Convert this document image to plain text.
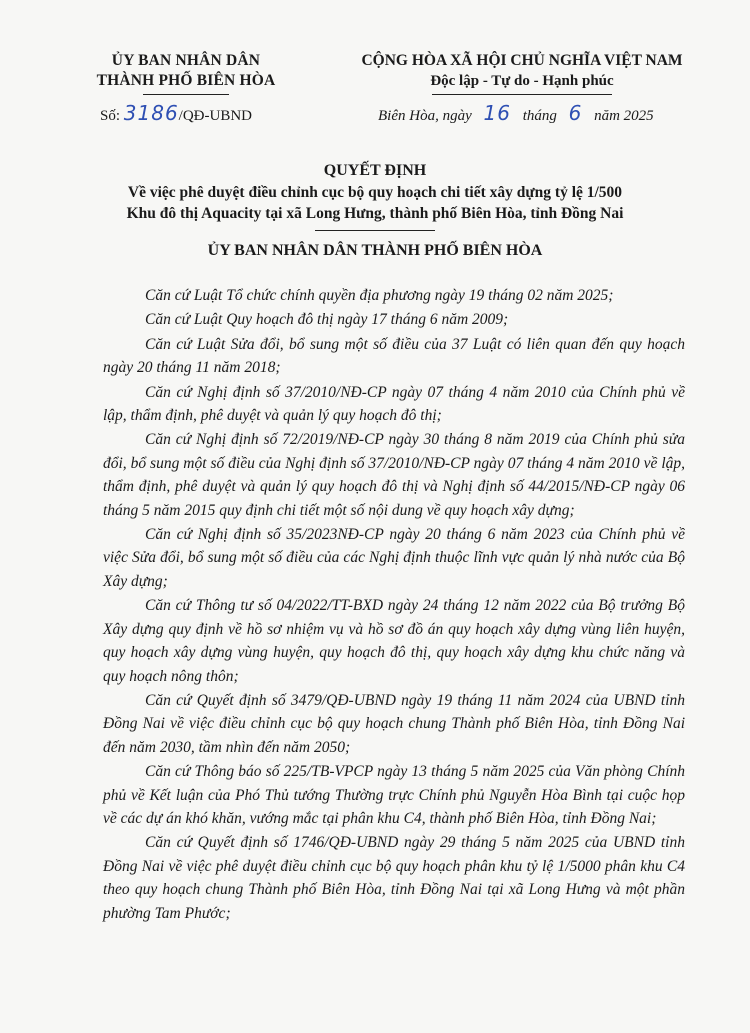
ỦY BAN NHÂN DÂN
THÀNH PHỐ BIÊN HÒA
CỘNG HÒA XÃ HỘI CHỦ NGHĨA VIỆT NAM
Độc lập - Tự do - Hạnh phúc
Số: 3186/QĐ-UBND	Biên Hòa, ngày 16 tháng 6 năm 2025
QUYẾT ĐỊNH
Về việc phê duyệt điều chỉnh cục bộ quy hoạch chi tiết xây dựng tỷ lệ 1/500
Khu đô thị Aquacity tại xã Long Hưng, thành phố Biên Hòa, tỉnh Đồng Nai
ỦY BAN NHÂN DÂN THÀNH PHỐ BIÊN HÒA

Căn cứ Luật Tổ chức chính quyền địa phương ngày 19 tháng 02 năm 2025;

Căn cứ Luật Quy hoạch đô thị ngày 17 tháng 6 năm 2009;

Căn cứ Luật Sửa đổi, bổ sung một số điều của 37 Luật có liên quan đến quy hoạch ngày 20 tháng 11 năm 2018;

Căn cứ Nghị định số 37/2010/NĐ-CP ngày 07 tháng 4 năm 2010 của Chính phủ về lập, thẩm định, phê duyệt và quản lý quy hoạch đô thị;

Căn cứ Nghị định số 72/2019/NĐ-CP ngày 30 tháng 8 năm 2019 của Chính phủ sửa đổi, bổ sung một số điều của Nghị định số 37/2010/NĐ-CP ngày 07 tháng 4 năm 2010 về lập, thẩm định, phê duyệt và quản lý quy hoạch đô thị và Nghị định số 44/2015/NĐ-CP ngày 06 tháng 5 năm 2015 quy định chi tiết một số nội dung về quy hoạch xây dựng;

Căn cứ Nghị định số 35/2023NĐ-CP ngày 20 tháng 6 năm 2023 của Chính phủ về việc Sửa đổi, bổ sung một số điều của các Nghị định thuộc lĩnh vực quản lý nhà nước của Bộ Xây dựng;

Căn cứ Thông tư số 04/2022/TT-BXD ngày 24 tháng 12 năm 2022 của Bộ trưởng Bộ Xây dựng quy định về hồ sơ nhiệm vụ và hồ sơ đồ án quy hoạch xây dựng vùng liên huyện, quy hoạch xây dựng vùng huyện, quy hoạch đô thị, quy hoạch xây dựng khu chức năng và quy hoạch nông thôn;

Căn cứ Quyết định số 3479/QĐ-UBND ngày 19 tháng 11 năm 2024 của UBND tỉnh Đồng Nai về việc điều chỉnh cục bộ quy hoạch chung Thành phố Biên Hòa, tỉnh Đồng Nai đến năm 2030, tầm nhìn đến năm 2050;

Căn cứ Thông báo số 225/TB-VPCP ngày 13 tháng 5 năm 2025 của Văn phòng Chính phủ về Kết luận của Phó Thủ tướng Thường trực Chính phủ Nguyễn Hòa Bình tại cuộc họp về các dự án khó khăn, vướng mắc tại phân khu C4, thành phố Biên Hòa, tỉnh Đồng Nai;

Căn cứ Quyết định số 1746/QĐ-UBND ngày 29 tháng 5 năm 2025 của UBND tỉnh Đồng Nai về việc phê duyệt điều chỉnh cục bộ quy hoạch phân khu tỷ lệ 1/5000 phân khu C4 theo quy hoạch chung Thành phố Biên Hòa, tỉnh Đồng Nai tại xã Long Hưng và một phần phường Tam Phước;
